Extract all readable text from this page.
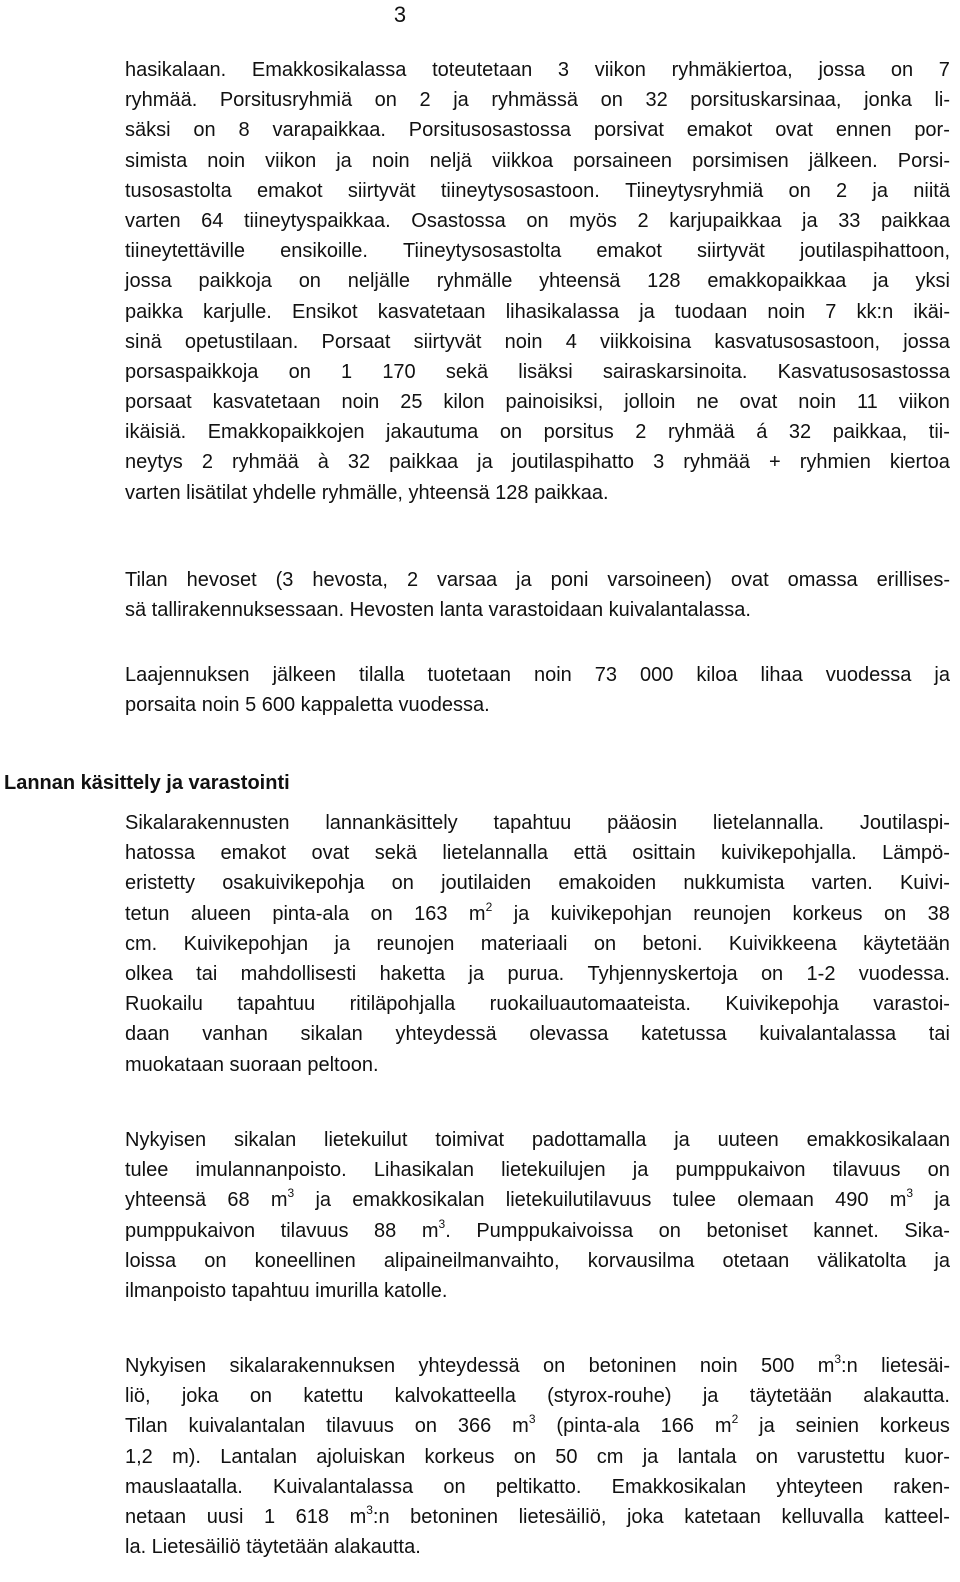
3
hasikalaan. Emakkosikalassa toteutetaan 3 viikon ryhmäkiertoa, jossa on 7
ryhmää. Porsitusryhmiä on 2 ja ryhmässä on 32 porsituskarsinaa, jonka li-
säksi on 8 varapaikkaa. Porsitusosastossa porsivat emakot ovat ennen por-
simista noin viikon ja noin neljä viikkoa porsaineen porsimisen jälkeen. Porsi-
tusosastolta emakot siirtyvät tiineytysosastoon. Tiineytysryhmiä on 2 ja niitä
varten 64 tiineytyspaikkaa. Osastossa on myös 2 karjupaikkaa ja 33 paikkaa
tiineytettäville ensikoille. Tiineytysosastolta emakot siirtyvät joutilaspihattoon,
jossa paikkoja on neljälle ryhmälle yhteensä 128 emakkopaikkaa ja yksi
paikka karjulle. Ensikot kasvatetaan lihasikalassa ja tuodaan noin 7 kk:n ikäi-
sinä opetustilaan. Porsaat siirtyvät noin 4 viikkoisina kasvatusosastoon, jossa
porsaspaikkoja on 1 170 sekä lisäksi sairaskarsinoita. Kasvatusosastossa
porsaat kasvatetaan noin 25 kilon painoisiksi, jolloin ne ovat noin 11 viikon
ikäisiä. Emakkopaikkojen jakautuma on porsitus 2 ryhmää á 32 paikkaa, tii-
neytys 2 ryhmää à 32 paikkaa ja joutilaspihatto 3 ryhmää + ryhmien kiertoa
varten lisätilat yhdelle ryhmälle, yhteensä 128 paikkaa.
Tilan hevoset (3 hevosta, 2 varsaa ja poni varsoineen) ovat omassa erillises-
sä tallirakennuksessaan. Hevosten lanta varastoidaan kuivalantalassa.
Laajennuksen jälkeen tilalla tuotetaan noin 73 000 kiloa lihaa vuodessa ja
porsaita noin 5 600 kappaletta vuodessa.
Lannan käsittely ja varastointi
Sikalarakennusten lannankäsittely tapahtuu pääosin lietelannalla. Joutilaspi-
hatossa emakot ovat sekä lietelannalla että osittain kuivikepohjalla. Lämpö-
eristetty osakuivikepohja on joutilaiden emakoiden nukkumista varten. Kuivi-
tetun alueen pinta-ala on 163 $m^2$ ja kuivikepohjan reunojen korkeus on 38
cm. Kuivikepohjan ja reunojen materiaali on betoni. Kuivikkeena käytetään
olkea tai mahdollisesti haketta ja purua. Tyhjennyskertoja on 1-2 vuodessa.
Ruokailu tapahtuu ritiläpohjalla ruokailuautomaateista. Kuivikepohja varastoi-
daan vanhan sikalan yhteydessä olevassa katetussa kuivalantalassa tai
muokataan suoraan peltoon.
Nykyisen sikalan lietekuilut toimivat padottamalla ja uuteen emakkosikalaan
tulee imulannanpoisto. Lihasikalan lietekuilujen ja pumppukaivon tilavuus on
yhteensä 68 $m^3$ ja emakkosikalan lietekuilutilavuus tulee olemaan 490 $m^3$ ja
pumppukaivon tilavuus 88 $m^3$. Pumppukaivoissa on betoniset kannet. Sika-
loissa on koneellinen alipaineilmanvaihto, korvausilma otetaan välikatolta ja
ilmanpoisto tapahtuu imurilla katolle.
Nykyisen sikalarakennuksen yhteydessä on betoninen noin 500 $m^3:n$ lietesäi-
liö, joka on katettu kalvokatteella (styrox-rouhe) ja täytetään alakautta.
Tilan kuivalantalan tilavuus on 366 $m^3$ (pinta-ala 166 $m^2$ ja seinien korkeus
1,2 m). Lantalan ajoluiskan korkeus on 50 cm ja lantala on varustettu kuor-
mauslaatalla. Kuivalantalassa on peltikatto. Emakkosikalan yhteyteen raken-
netaan uusi 1 618 $m^3:n$ betoninen lietesäiliö, joka katetaan kelluvalla katteel-
la. Lietesäiliö täytetään alakautta.
